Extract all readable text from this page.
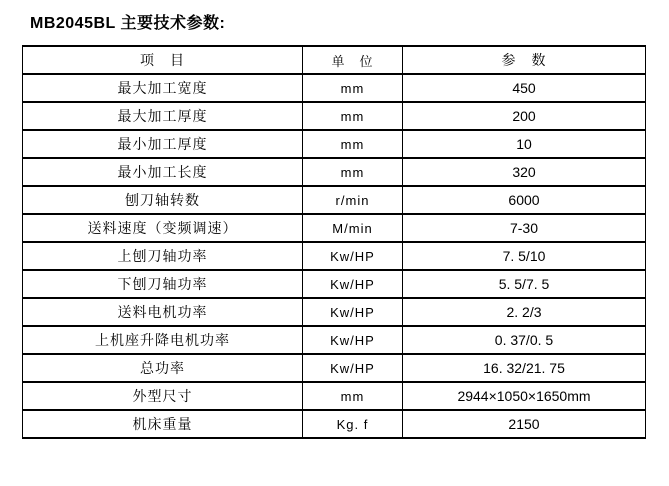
MB2045BL 主要技术参数:
项　目	单　位	参　数
最大加工宽度	mm	450
最大加工厚度	mm	200
最小加工厚度	mm	10
最小加工长度	mm	320
刨刀轴转数	r/min	6000
送料速度（变频调速）	M/min	7-30
上刨刀轴功率	Kw/HP	7. 5/10
下刨刀轴功率	Kw/HP	5. 5/7. 5
送料电机功率	Kw/HP	2. 2/3
上机座升降电机功率	Kw/HP	0. 37/0. 5
总功率	Kw/HP	16. 32/21. 75
外型尺寸	mm	2944×1050×1650mm
机床重量	Kg. f	2150
